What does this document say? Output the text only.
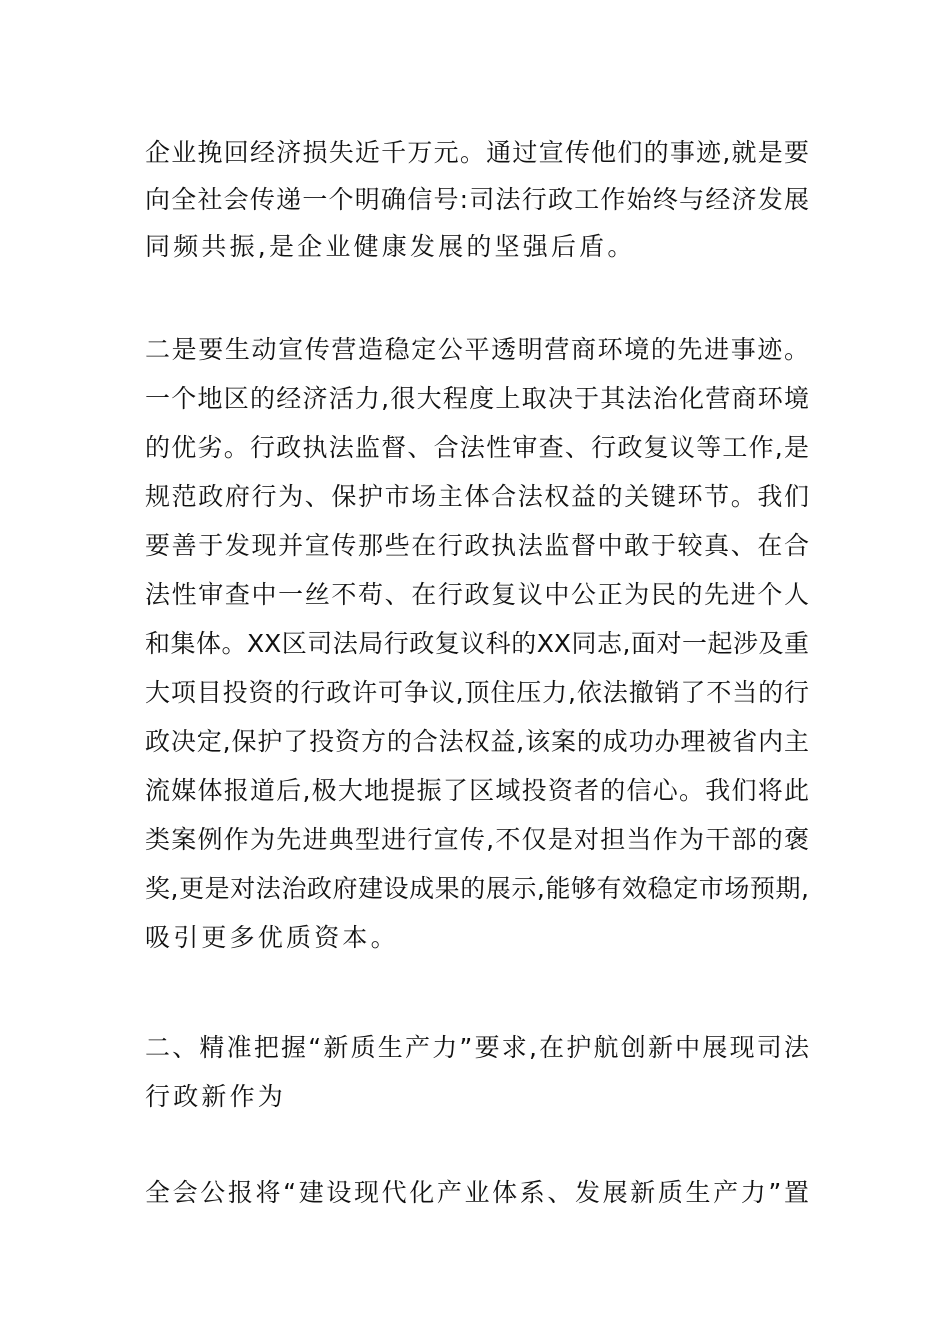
企业挽回经济损失近千万元。通过宣传他们的事迹,就是要
向全社会传递一个明确信号:司法行政工作始终与经济发展
同频共振,是企业健康发展的坚强后盾。
二是要生动宣传营造稳定公平透明营商环境的先进事迹。
一个地区的经济活力,很大程度上取决于其法治化营商环境
的优劣。行政执法监督、合法性审查、行政复议等工作,是
规范政府行为、保护市场主体合法权益的关键环节。我们
要善于发现并宣传那些在行政执法监督中敢于较真、在合
法性审查中一丝不苟、在行政复议中公正为民的先进个人
和集体。XX区司法局行政复议科的XX同志,面对一起涉及重
大项目投资的行政许可争议,顶住压力,依法撤销了不当的行
政决定,保护了投资方的合法权益,该案的成功办理被省内主
流媒体报道后,极大地提振了区域投资者的信心。我们将此
类案例作为先进典型进行宣传,不仅是对担当作为干部的褒
奖,更是对法治政府建设成果的展示,能够有效稳定市场预期,
吸引更多优质资本。
二、精准把握“新质生产力”要求,在护航创新中展现司法
行政新作为
全会公报将“建设现代化产业体系、发展新质生产力”置
